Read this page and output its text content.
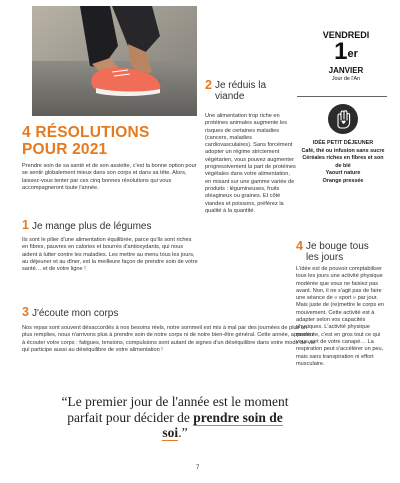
4 RÉSOLUTIONS
POUR 2021

Prendre soin de sa santé et de son assiette, c'est la bonne option pour se sentir globalement mieux dans son corps et dans sa tête. Alors, laissez-vous tenter par ces cinq bonnes résolutions qui vous accompagneront toute l'année.

1 Je mange plus de légumes

Ils sont le pilier d'une alimentation équilibrée, parce qu'ils sont riches en fibres, pauvres en calories et bourrés d'antioxydants, qui nous aident à lutter contre les maladies. Les mettre au menu tous les jours, au déjeuner et au dîner, est la meilleure façon de prendre soin de votre santé… et de votre ligne !

2 Je réduis la viande

Une alimentation trop riche en protéines animales augmente les risques de certaines maladies (cancers, maladies cardiovasculaires). Sans forcément adopter un régime strictement végétarien, vous pouvez augmenter progressivement la part de protéines végétales dans votre alimentation, en misant sur une gamme variée de produits : légumineuses, fruits oléagineux ou graines. Et côté viandes et poissons, préférez la qualité à la quantité.

3 J'écoute mon corps

Nos repas sont souvent désaccordés à nos besoins réels, notre sommeil est mis à mal par des journées de plus en plus remplies, nous n'arrivons plus à prendre soin de notre corps ni de notre bien-être général. Cette année, apprenez à écouter votre corps : fatigues, tensions, compulsions sont autant de signes d'un déséquilibre dans votre mode de vie qui participe aussi au déséquilibre de votre alimentation !

4 Je bouge tous les jours

L'idée est de pouvoir comptabiliser tous les jours une activité physique modérée que vous ne faisiez pas avant. Non, il ne s'agit pas de faire une séance de « sport » par jour. Mais juste de (re)mettre le corps en mouvement. Cette activité est à adapter selon vos capacités physiques. L'activité physique modérée, c'est en gros tout ce qui vous sort de votre canapé… La respiration peut s'accélérer un peu, mais sans transpiration ni effort musculaire.

VENDREDI
1er
JANVIER
Jour de l'An
IDÉE PETIT DÉJEUNER
Café, thé ou infusion sans sucre
Céréales riches en fibres et son de blé
Yaourt nature
Orange pressée
“Le premier jour de l'année est le moment parfait pour décider de prendre soin de soi.”
7
